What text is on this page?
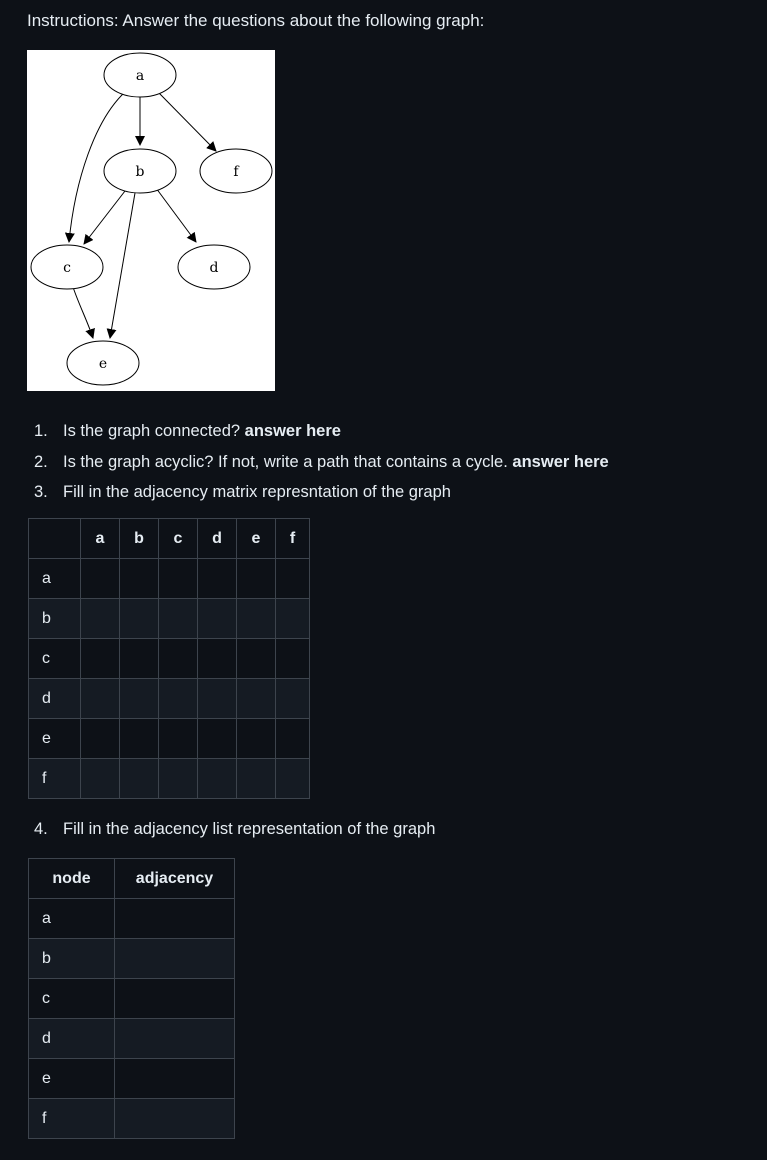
Instructions: Answer the questions about the following graph:

a
b	f
c	d
e
1. Is the graph connected? answer here
2. Is the graph acyclic? If not, write a path that contains a cycle. answer here
3. Fill in the adjacency matrix represntation of the graph
	a	b	c	d	e	f
a						
b						
c						
d						
e						
f						
4. Fill in the adjacency list representation of the graph
node	adjacency
a	
b	
c	
d	
e	
f	
